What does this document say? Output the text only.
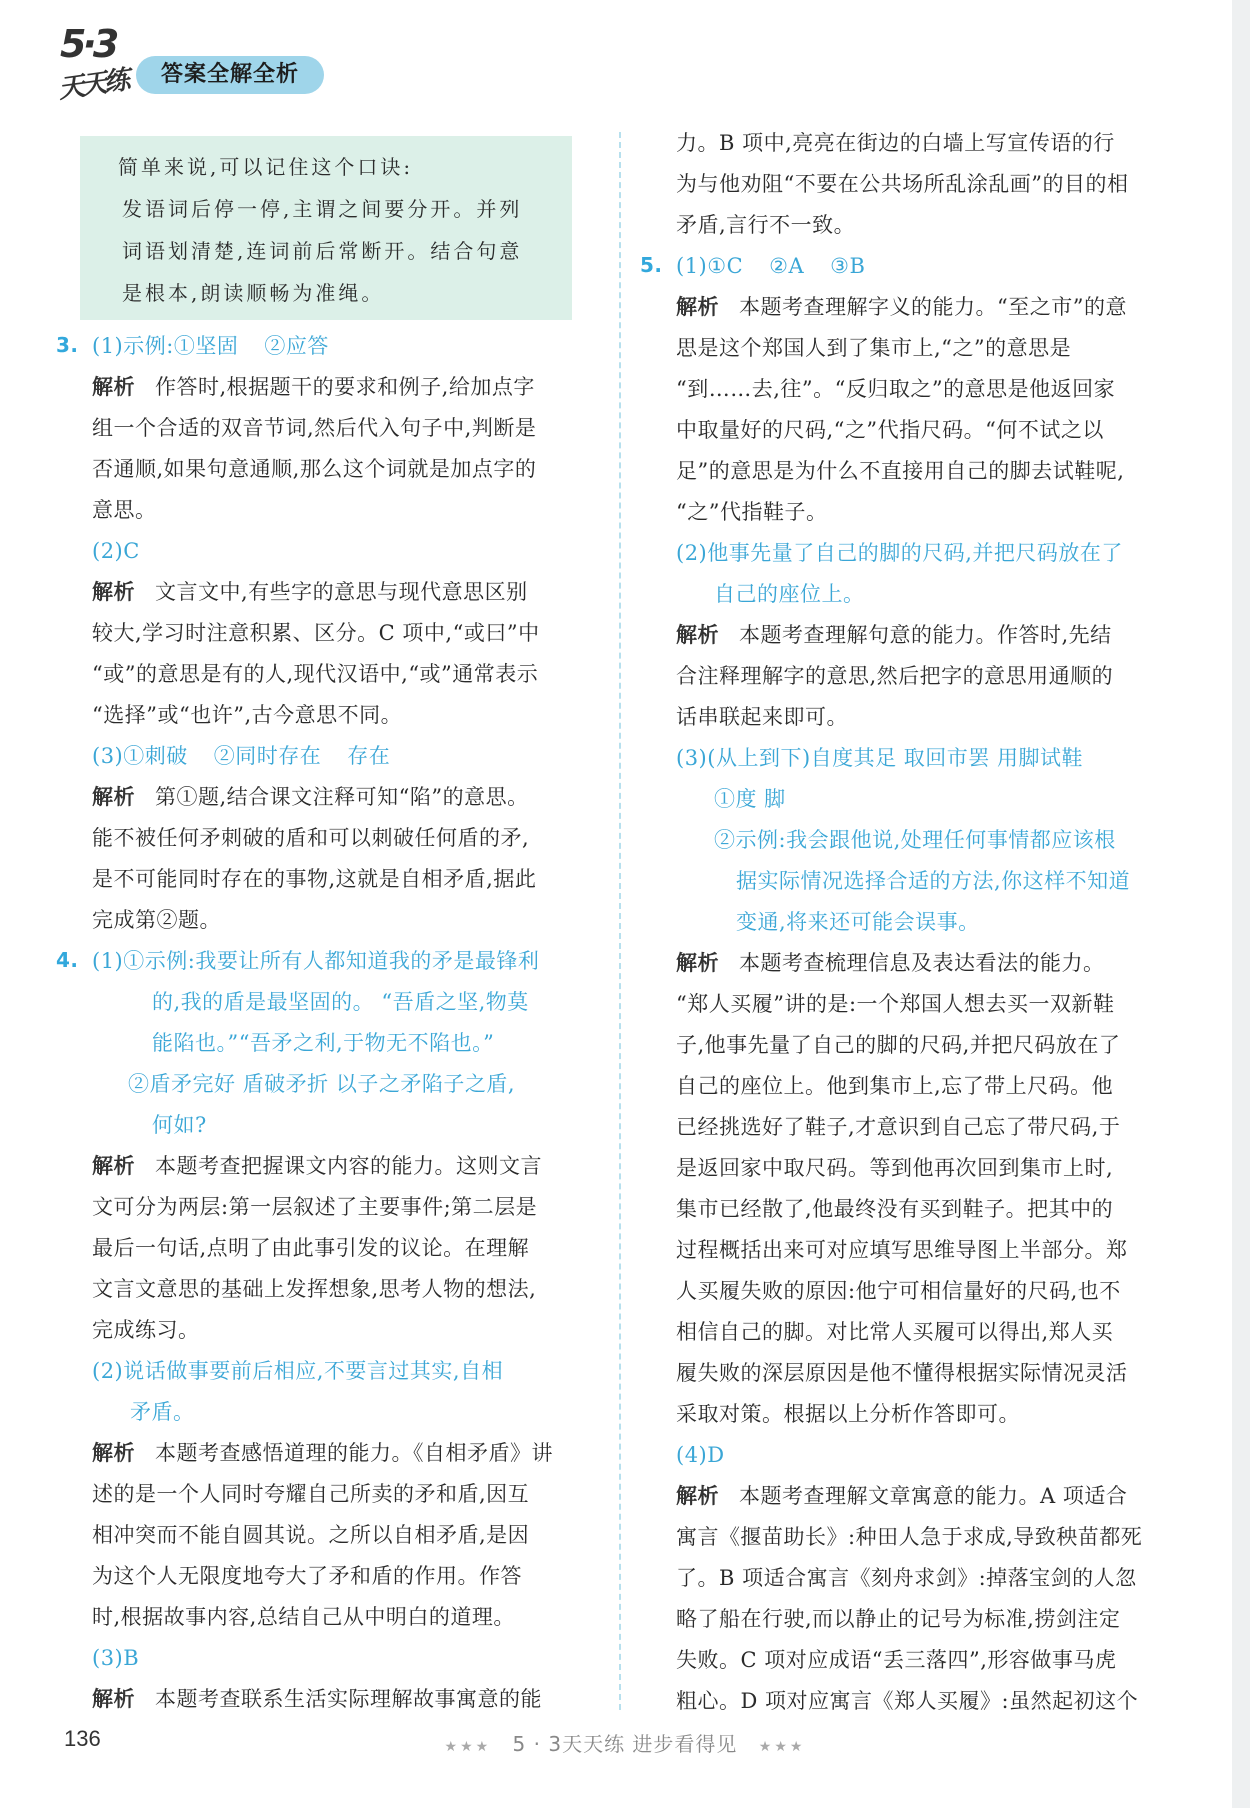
5·3
天天练	答案全解全析

简单来说,可以记住这个口诀:

发语词后停一停,主谓之间要分开。并列

词语划清楚,连词前后常断开。结合句意

是根本,朗读顺畅为准绳。

3. (1)示例:①坚固 ②应答
解析 作答时,根据题干的要求和例子,给加点字
组一个合适的双音节词,然后代入句子中,判断是
否通顺,如果句意通顺,那么这个词就是加点字的
意思。
(2)C
解析 文言文中,有些字的意思与现代意思区别
较大,学习时注意积累、区分。C 项中,“或曰”中
“或”的意思是有的人,现代汉语中,“或”通常表示
“选择”或“也许”,古今意思不同。
(3)①刺破 ②同时存在 存在
解析 第①题,结合课文注释可知“陷”的意思。
能不被任何矛刺破的盾和可以刺破任何盾的矛,
是不可能同时存在的事物,这就是自相矛盾,据此
完成第②题。
4. (1)①示例:我要让所有人都知道我的矛是最锋利
的,我的盾是最坚固的。 “吾盾之坚,物莫
能陷也。”“吾矛之利,于物无不陷也。”
②盾矛完好 盾破矛折 以子之矛陷子之盾,
何如?
解析 本题考查把握课文内容的能力。这则文言
文可分为两层:第一层叙述了主要事件;第二层是
最后一句话,点明了由此事引发的议论。在理解
文言文意思的基础上发挥想象,思考人物的想法,
完成练习。
(2)说话做事要前后相应,不要言过其实,自相
矛盾。
解析 本题考查感悟道理的能力。《自相矛盾》讲
述的是一个人同时夸耀自己所卖的矛和盾,因互
相冲突而不能自圆其说。之所以自相矛盾,是因
为这个人无限度地夸大了矛和盾的作用。作答
时,根据故事内容,总结自己从中明白的道理。
(3)B
解析 本题考查联系生活实际理解故事寓意的能
力。B 项中,亮亮在街边的白墙上写宣传语的行
为与他劝阻“不要在公共场所乱涂乱画”的目的相
矛盾,言行不一致。
5. (1)①C ②A ③B
解析 本题考查理解字义的能力。“至之市”的意
思是这个郑国人到了集市上,“之”的意思是
“到……去,往”。“反归取之”的意思是他返回家
中取量好的尺码,“之”代指尺码。“何不试之以
足”的意思是为什么不直接用自己的脚去试鞋呢,
“之”代指鞋子。
(2)他事先量了自己的脚的尺码,并把尺码放在了
自己的座位上。
解析 本题考查理解句意的能力。作答时,先结
合注释理解字的意思,然后把字的意思用通顺的
话串联起来即可。
(3)(从上到下)自度其足 取回市罢 用脚试鞋
①度 脚
②示例:我会跟他说,处理任何事情都应该根
据实际情况选择合适的方法,你这样不知道
变通,将来还可能会误事。
解析 本题考查梳理信息及表达看法的能力。
“郑人买履”讲的是:一个郑国人想去买一双新鞋
子,他事先量了自己的脚的尺码,并把尺码放在了
自己的座位上。他到集市上,忘了带上尺码。他
已经挑选好了鞋子,才意识到自己忘了带尺码,于
是返回家中取尺码。等到他再次回到集市上时,
集市已经散了,他最终没有买到鞋子。把其中的
过程概括出来可对应填写思维导图上半部分。郑
人买履失败的原因:他宁可相信量好的尺码,也不
相信自己的脚。对比常人买履可以得出,郑人买
履失败的深层原因是他不懂得根据实际情况灵活
采取对策。根据以上分析作答即可。
(4)D
解析 本题考查理解文章寓意的能力。A 项适合
寓言《揠苗助长》:种田人急于求成,导致秧苗都死
了。B 项适合寓言《刻舟求剑》:掉落宝剑的人忽
略了船在行驶,而以静止的记号为标准,捞剑注定
失败。C 项对应成语“丢三落四”,形容做事马虎
粗心。D 项对应寓言《郑人买履》:虽然起初这个
136	★★★ 5 · 3天天练 进步看得见 ★★★
